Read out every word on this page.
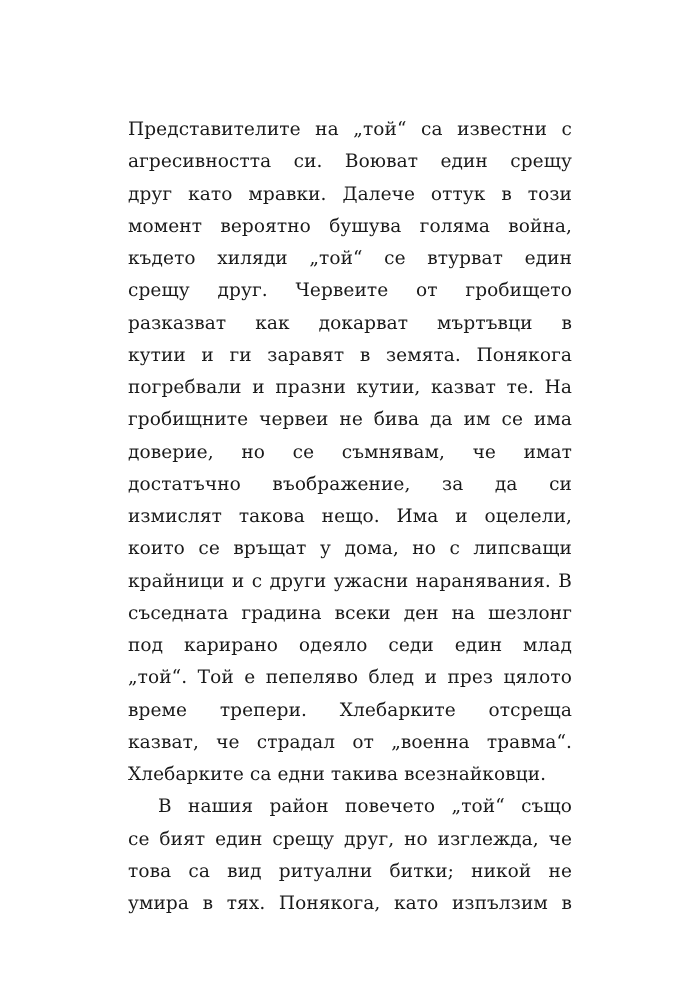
Представителите на „той“ са известни с
агресивността си. Воюват един срещу
друг като мравки. Далече оттук в този
момент вероятно бушува голяма война,
където хиляди „той“ се втурват един
срещу друг. Червеите от гробището
разказват как докарват мъртъвци в
кутии и ги заравят в земята. Понякога
погребвали и празни кутии, казват те. На
гробищните червеи не бива да им се има
доверие, но се съмнявам, че имат
достатъчно въображение, за да си
измислят такова нещо. Има и оцелели,
които се връщат у дома, но с липсващи
крайници и с други ужасни наранявания. В
съседната градина всеки ден на шезлонг
под карирано одеяло седи един млад
„той“. Той е пепеляво блед и през цялото
време трепери. Хлебарките отсреща
казват, че страдал от „военна травма“.
Хлебарките са едни такива всезнайковци.
В нашия район повечето „той“ също
се бият един срещу друг, но изглежда, че
това са вид ритуални битки; никой не
умира в тях. Понякога, като изпълзим в
